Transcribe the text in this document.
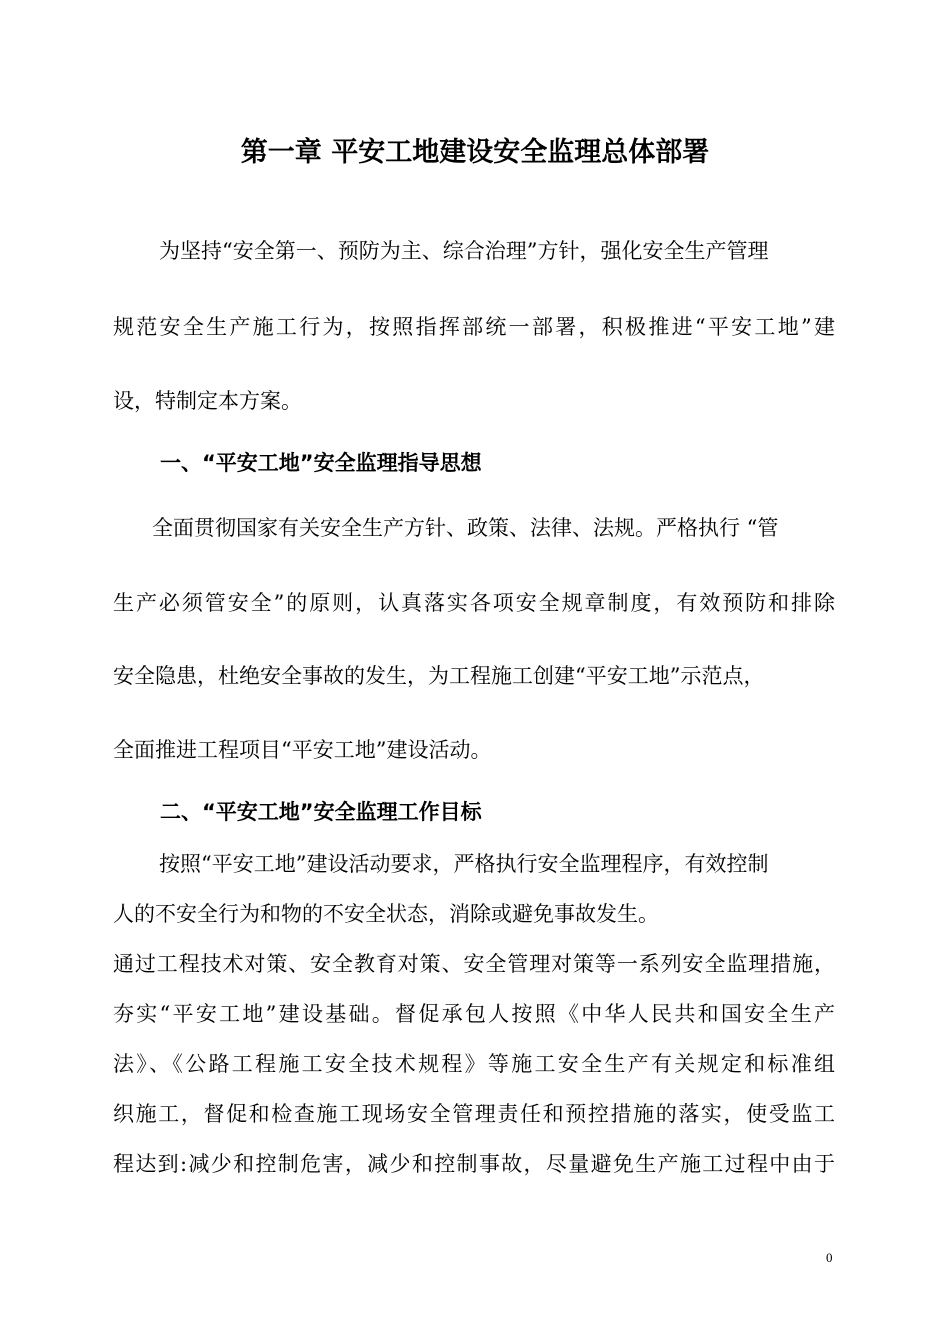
第一章 平安工地建设安全监理总体部署
为坚持“安全第一、预防为主、综合治理”方针，强化安全生产管理
规范安全生产施工行为，按照指挥部统一部署，积极推进“平安工地”建
设，特制定本方案。
一、“平安工地”安全监理指导思想
全面贯彻国家有关安全生产方针、政策、法律、法规。严格执行 “管
生产必须管安全”的原则，认真落实各项安全规章制度，有效预防和排除
安全隐患，杜绝安全事故的发生，为工程施工创建“平安工地”示范点，
全面推进工程项目“平安工地”建设活动。
二、“平安工地”安全监理工作目标
按照“平安工地”建设活动要求，严格执行安全监理程序，有效控制
人的不安全行为和物的不安全状态，消除或避免事故发生。
通过工程技术对策、安全教育对策、安全管理对策等一系列安全监理措施，
夯实“平安工地”建设基础。督促承包人按照《中华人民共和国安全生产
法》、《公路工程施工安全技术规程》等施工安全生产有关规定和标准组
织施工，督促和检查施工现场安全管理责任和预控措施的落实，使受监工
程达到:减少和控制危害，减少和控制事故，尽量避免生产施工过程中由于
0
